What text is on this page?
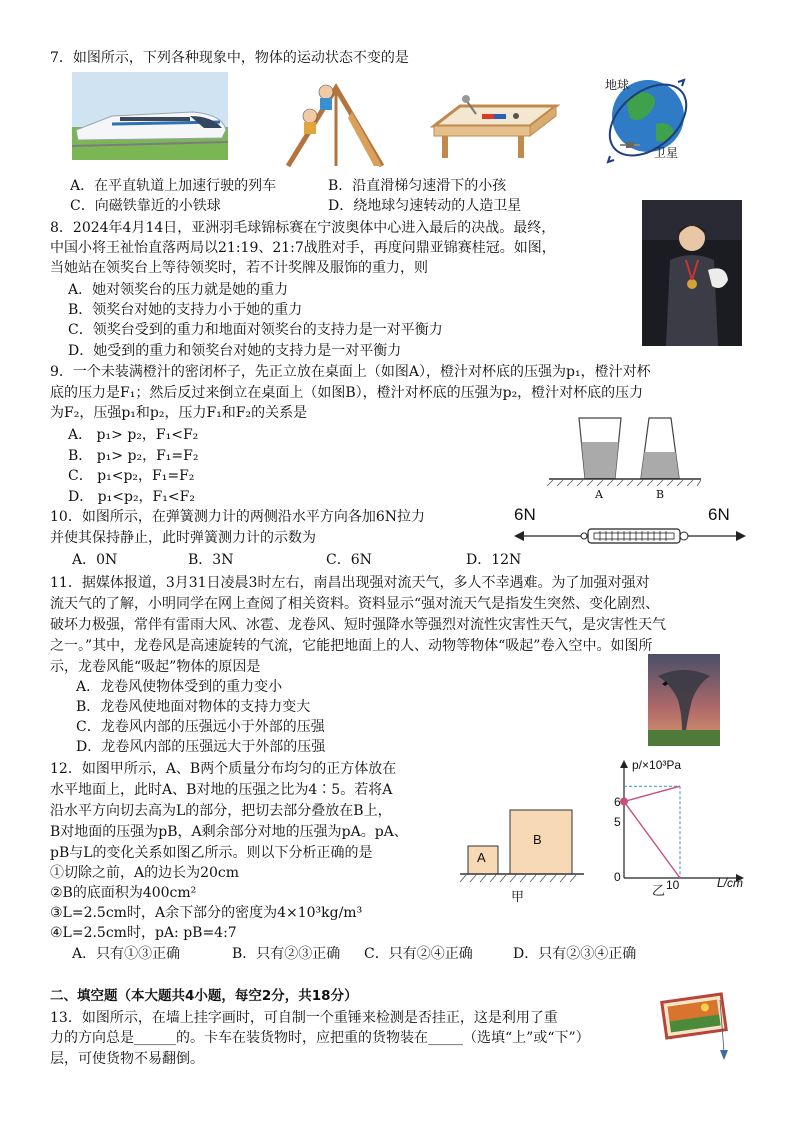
7．如图所示，下列各种现象中，物体的运动状态不变的是
地球
卫星
A．在平直轨道上加速行驶的列车	B．沿直滑梯匀速滑下的小孩
C．向磁铁靠近的小铁球	D．绕地球匀速转动的人造卫星
8．2024年4月14日，亚洲羽毛球锦标赛在宁波奥体中心进入最后的决战。最终，
中国小将王祉怡直落两局以21:19、21:7战胜对手，再度问鼎亚锦赛桂冠。如图，
当她站在领奖台上等待领奖时，若不计奖牌及服饰的重力，则
A．她对领奖台的压力就是她的重力
B．领奖台对她的支持力小于她的重力
C．领奖台受到的重力和地面对领奖台的支持力是一对平衡力
D．她受到的重力和领奖台对她的支持力是一对平衡力
9．一个未装满橙汁的密闭杯子，先正立放在桌面上（如图A），橙汁对杯底的压强为p₁，橙汁对杯
底的压力是F₁；然后反过来倒立在桌面上（如图B），橙汁对杯底的压强为p₂，橙汁对杯底的压力
为F₂，压强p₁和p₂，压力F₁和F₂的关系是
A． p₁> p₂，F₁<F₂
B． p₁> p₂，F₁=F₂
C． p₁<p₂，F₁=F₂
D． p₁<p₂，F₁<F₂	A	B
10．如图所示，在弹簧测力计的两侧沿水平方向各加6N拉力
并使其保持静止，此时弹簧测力计的示数为
A．0N	B．3N	C．6N	D．12N
6N	6N
11．据媒体报道，3月31日凌晨3时左右，南昌出现强对流天气，多人不幸遇难。为了加强对强对
流天气的了解，小明同学在网上查阅了相关资料。资料显示“强对流天气是指发生突然、变化剧烈、
破坏力极强，常伴有雷雨大风、冰雹、龙卷风、短时强降水等强烈对流性灾害性天气，是灾害性天气
之一。”其中，龙卷风是高速旋转的气流，它能把地面上的人、动物等物体“吸起”卷入空中。如图所
示，龙卷风能“吸起”物体的原因是
A．龙卷风使物体受到的重力变小
B．龙卷风使地面对物体的支持力变大
C．龙卷风内部的压强远小于外部的压强
D．龙卷风内部的压强远大于外部的压强
12．如图甲所示，A、B两个质量分布均匀的正方体放在
水平地面上，此时A、B对地的压强之比为4∶5。若将A
沿水平方向切去高为L的部分，把切去部分叠放在B上，
B对地面的压强为pB，A剩余部分对地的压强为pA。pA、
pB与L的变化关系如图乙所示。则以下分析正确的是
①切除之前，A的边长为20cm
②B的底面积为400cm²
③L=2.5cm时，A余下部分的密度为4×10³kg/m³
④L=2.5cm时，pA: pB=4:7
A．只有①③正确	B．只有②③正确 C．只有②④正确	D．只有②③④正确
A
B
甲
p/×10³Pa
L/cm
6
5
0
10
乙
二、填空题（本大题共4小题，每空2分，共18分）
13．如图所示，在墙上挂字画时，可自制一个重锤来检测是否挂正，这是利用了重
力的方向总是______的。卡车在装货物时，应把重的货物装在_____（选填“上”或“下”）
层，可使货物不易翻倒。
